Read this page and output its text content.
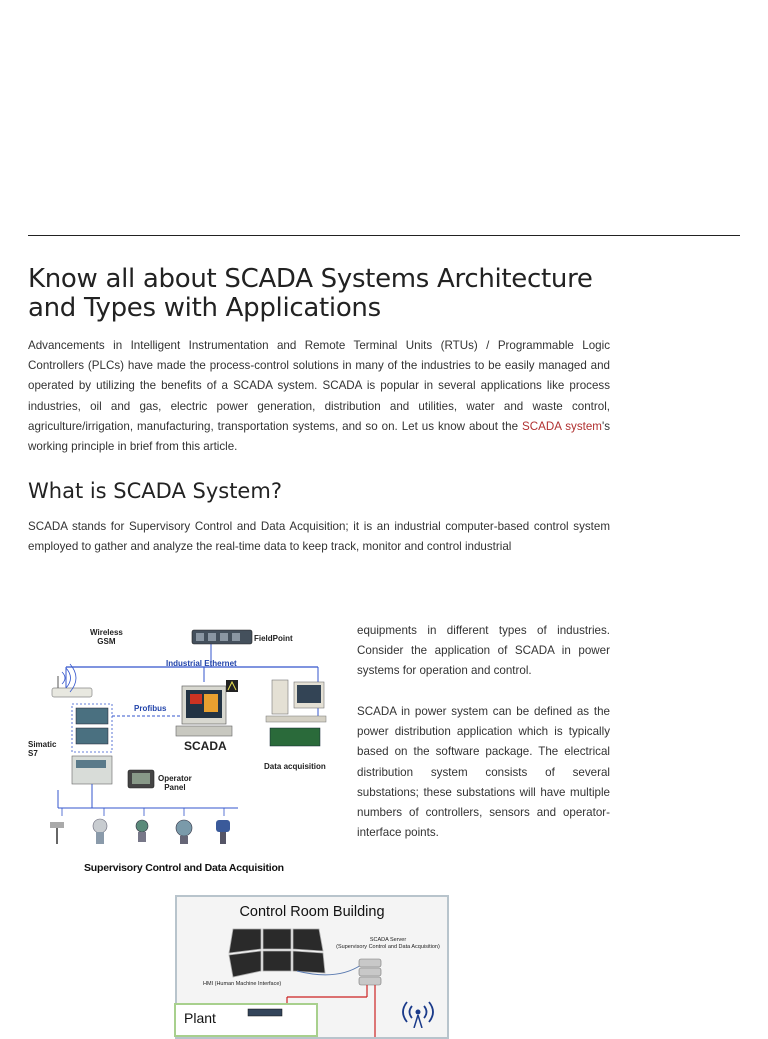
Know all about SCADA Systems Architecture and Types with Applications

Advancements in Intelligent Instrumentation and Remote Terminal Units (RTUs) / Programmable Logic Controllers (PLCs) have made the process-control solutions in many of the industries to be easily managed and operated by utilizing the benefits of a SCADA system. SCADA is popular in several applications like process industries, oil and gas, electric power generation, distribution and utilities, water and waste control, agriculture/irrigation, manufacturing, transportation systems, and so on. Let us know about the SCADA system's working principle in brief from this article.

What is SCADA System?

SCADA stands for Supervisory Control and Data Acquisition; it is an industrial computer-based control system employed to gather and analyze the real-time data to keep track, monitor and control industrial

Wireless
GSM	FieldPoint
Industrial Ethernet
Profibus
Simatic
S7
SCADA
Operator
Panel
Data acquisition
Supervisory Control and Data Acquisition

equipments in different types of industries. Consider the application of SCADA in power systems for operation and control.

SCADA in power system can be defined as the power distribution application which is typically based on the software package. The electrical distribution system consists of several substations; these substations will have multiple numbers of controllers, sensors and operator-interface points.

Control Room Building
SCADA Server
(Supervisory Control and Data Acquisition)
HMI (Human Machine Interface)
Plant
